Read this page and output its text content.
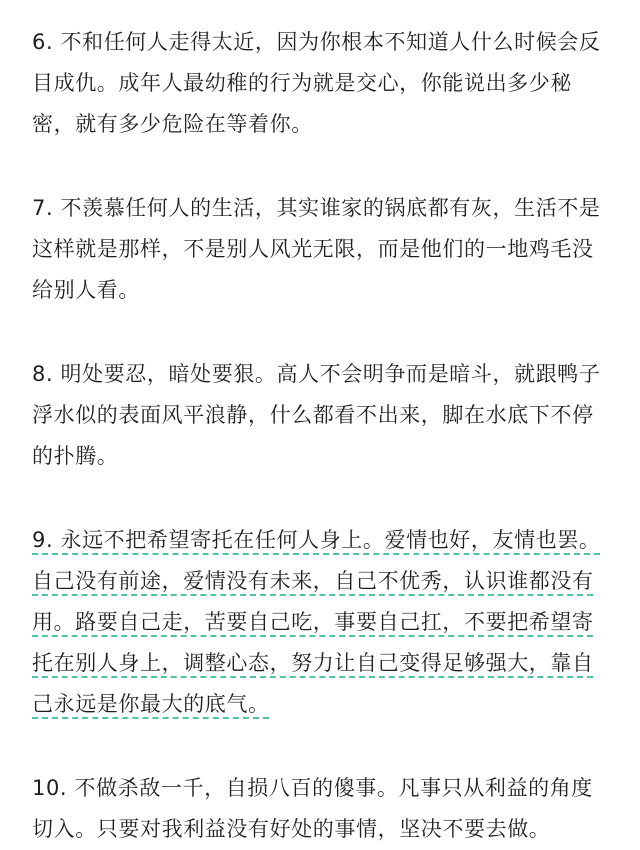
6. 不和任何人走得太近，因为你根本不知道人什么时候会反目成仇。成年人最幼稚的行为就是交心，你能说出多少秘密，就有多少危险在等着你。

7. 不羡慕任何人的生活，其实谁家的锅底都有灰，生活不是这样就是那样，不是别人风光无限，而是他们的一地鸡毛没给别人看。

8. 明处要忍，暗处要狠。高人不会明争而是暗斗，就跟鸭子浮水似的表面风平浪静，什么都看不出来，脚在水底下不停的扑腾。

9. 永远不把希望寄托在任何人身上。爱情也好，友情也罢。自己没有前途，爱情没有未来，自己不优秀，认识谁都没有用。路要自己走，苦要自己吃，事要自己扛，不要把希望寄托在别人身上，调整心态，努力让自己变得足够强大，靠自己永远是你最大的底气。

10. 不做杀敌一千，自损八百的傻事。凡事只从利益的角度切入。只要对我利益没有好处的事情，坚决不要去做。
